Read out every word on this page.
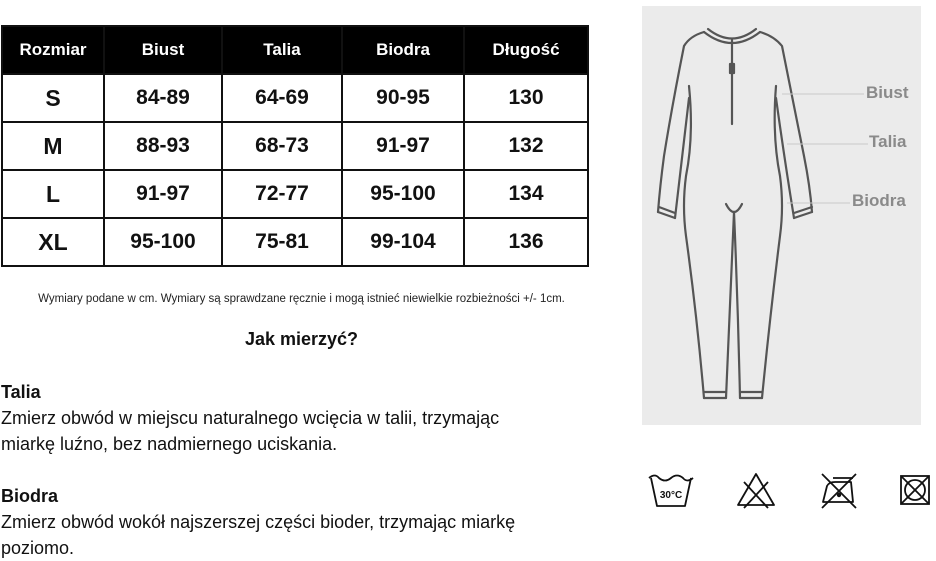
Rozmiar	Biust	Talia	Biodra	Długość
S	84-89	64-69	90-95	130
M	88-93	68-73	91-97	132
L	91-97	72-77	95-100	134
XL	95-100	75-81	99-104	136
Wymiary podane w cm. Wymiary są sprawdzane ręcznie i mogą istnieć niewielkie rozbieżności +/- 1cm.
Jak mierzyć?
Talia
Zmierz obwód w miejscu naturalnego wcięcia w talii, trzymając
miarkę luźno, bez nadmiernego uciskania.
Biodra
Zmierz obwód wokół najszerszej części bioder, trzymając miarkę
poziomo.
Biust
Talia
Biodra
30°C
